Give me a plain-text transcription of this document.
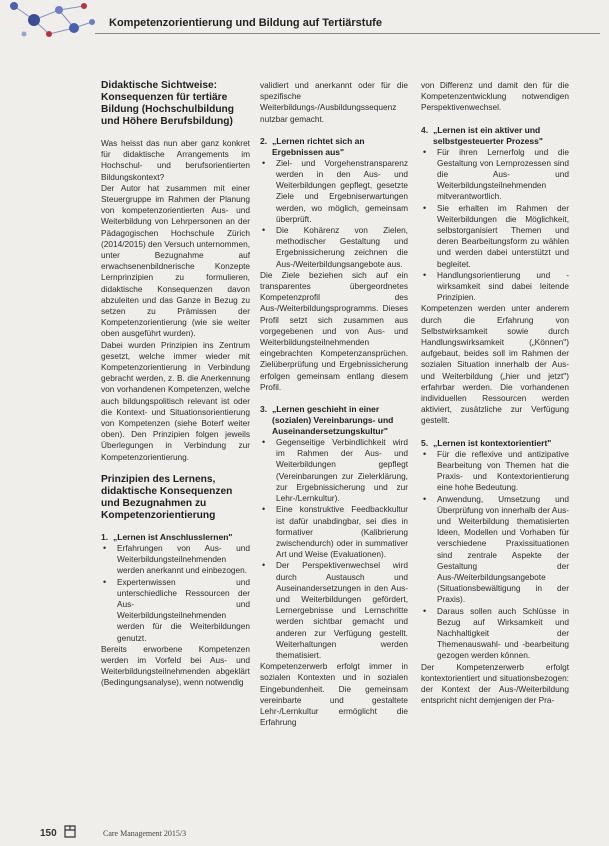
Kompetenzorientierung und Bildung auf Tertiärstufe
Didaktische Sichtweise: Konsequenzen für tertiäre Bildung (Hochschulbildung und Höhere Berufsbildung)

Was heisst das nun aber ganz konkret für didaktische Arrangements im Hochschul- und berufsorientierten Bildungskontext?

Der Autor hat zusammen mit einer Steuergruppe im Rahmen der Planung von kompetenzorientierten Aus- und Weiterbildung von Lehrpersonen an der Pädagogischen Hochschule Zürich (2014/2015) den Versuch unternommen, unter Bezugnahme auf erwachsenenbildnerische Konzepte Lernprinzipien zu formulieren, didaktische Konsequenzen davon abzuleiten und das Ganze in Bezug zu setzen zu Prämissen der Kompetenzorientierung (wie sie weiter oben ausgeführt wurden).

Dabei wurden Prinzipien ins Zentrum gesetzt, welche immer wieder mit Kompetenzorientierung in Verbindung gebracht werden, z. B. die Anerkennung von vorhandenen Kompetenzen, welche auch bildungspolitisch relevant ist oder die Kontext- und Situationsorientierung von Kompetenzen (siehe Boterf weiter oben). Den Prinzipien folgen jeweils Überlegungen in Verbindung zur Kompetenzorientierung.

Prinzipien des Lernens, didaktische Konsequenzen und Bezugnahmen zu Kompetenzorientierung
1. „Lernen ist Anschlusslernen"
•	Erfahrungen von Aus- und Weiterbildungsteilnehmenden werden anerkannt und einbezogen.
•	Expertenwissen und unterschiedliche Ressourcen der Aus- und Weiterbildungsteilnehmenden werden für die Weiterbildungen genutzt.

Bereits erworbene Kompetenzen werden im Vorfeld bei Aus- und Weiterbildungsteilnehmenden abgeklärt (Bedingungsanalyse), wenn notwendig

validiert und anerkannt oder für die spezifische Weiterbildungs-/Ausbildungssequenz nutzbar gemacht.

2. „Lernen richtet sich an Ergebnissen aus"
•	Ziel- und Vorgehenstransparenz werden in den Aus- und Weiterbildungen gepflegt, gesetzte Ziele und Ergebniserwartungen werden, wo möglich, gemeinsam überprüft.
•	Die Kohärenz von Zielen, methodischer Gestaltung und Ergebnissicherung zeichnen die Aus-/Weiterbildungsangebote aus.

Die Ziele beziehen sich auf ein transparentes übergeordnetes Kompetenzprofil des Aus-/Weiterbildungsprogramms. Dieses Profil setzt sich zusammen aus vorgegebenen und von Aus- und Weiterbildungsteilnehmenden eingebrachten Kompetenzansprüchen. Zielüberprüfung und Ergebnissicherung erfolgen gemeinsam entlang diesem Profil.

3. „Lernen geschieht in einer (sozialen) Vereinbarungs- und Auseinandersetzungskultur"
•	Gegenseitige Verbindlichkeit wird im Rahmen der Aus- und Weiterbildungen gepflegt (Vereinbarungen zur Zielerklärung, zur Ergebnissicherung und zur Lehr-/Lernkultur).
•	Eine konstruktive Feedbackkultur ist dafür unabdingbar, sei dies in formativer (Kalibrierung zwischendurch) oder in summativer Art und Weise (Evaluationen).
•	Der Perspektivenwechsel wird durch Austausch und Auseinandersetzungen in den Aus- und Weiterbildungen gefördert, Lernergebnisse und Lernschritte werden sichtbar gemacht und anderen zur Verfügung gestellt. Weiterhaltungen werden thematisiert.

Kompetenzerwerb erfolgt immer in sozialen Kontexten und in sozialen Eingebundenheit. Die gemeinsam vereinbarte und gestaltete Lehr-/Lernkultur ermöglicht die Erfahrung

von Differenz und damit den für die Kompetenzentwicklung notwendigen Perspektivenwechsel.

4. „Lernen ist ein aktiver und selbstgesteuerter Prozess"
•	Für ihren Lernerfolg und die Gestaltung von Lernprozessen sind die Aus- und Weiterbildungsteilnehmenden mitverantwortlich.
•	Sie erhalten im Rahmen der Weiterbildungen die Möglichkeit, selbstorganisiert Themen und deren Bearbeitungsform zu wählen und werden dabei unterstützt und begleitet.
•	Handlungsorientierung und -wirksamkeit sind dabei leitende Prinzipien.

Kompetenzen werden unter anderem durch die Erfahrung von Selbstwirksamkeit sowie durch Handlungswirksamkeit („Können") aufgebaut, beides soll im Rahmen der sozialen Situation innerhalb der Aus- und Weiterbildung („hier und jetzt") erfahrbar werden. Die vorhandenen individuellen Ressourcen werden aktiviert, zusätzliche zur Verfügung gestellt.

5. „Lernen ist kontextorientiert"
•	Für die reflexive und antizipative Bearbeitung von Themen hat die Praxis- und Kontextorientierung eine hohe Bedeutung.
•	Anwendung, Umsetzung und Überprüfung von innerhalb der Aus- und Weiterbildung thematisierten Ideen, Modellen und Vorhaben für verschiedene Praxissituationen sind zentrale Aspekte der Gestaltung der Aus-/Weiterbildungsangebote (Situationsbewältigung in der Praxis).
•	Daraus sollen auch Schlüsse in Bezug auf Wirksamkeit und Nachhaltigkeit der Themenauswahl- und -bearbeitung gezogen werden können.

Der Kompetenzerwerb erfolgt kontextorientiert und situationsbezogen: der Kontext der Aus-/Weiterbildung entspricht nicht demjenigen der Pra-

150	Care Management 2015/3
